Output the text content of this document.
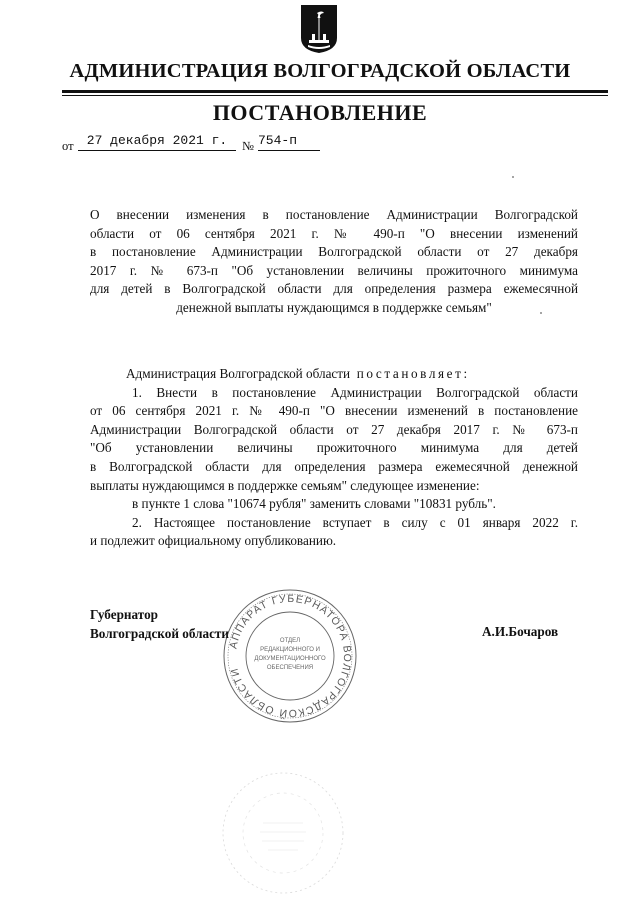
АДМИНИСТРАЦИЯ ВОЛГОГРАДСКОЙ ОБЛАСТИ
ПОСТАНОВЛЕНИЕ
от	27 декабря 2021 г.	№ 754-п
О внесении изменения в постановление Администрации Волгоградской
области от 06 сентября 2021 г. № 490-п "О внесении изменений
в постановление Администрации Волгоградской области от 27 декабря
2017 г. № 673-п "Об установлении величины прожиточного минимума
для детей в Волгоградской области для определения размера ежемесячной
денежной выплаты нуждающимся в поддержке семьям"
Администрация Волгоградской области постановляет:
1. Внести в постановление Администрации Волгоградской области
от 06 сентября 2021 г. № 490-п "О внесении изменений в постановление
Администрации Волгоградской области от 27 декабря 2017 г. № 673-п
"Об установлении величины прожиточного минимума для детей
в Волгоградской области для определения размера ежемесячной денежной
выплаты нуждающимся в поддержке семьям" следующее изменение:
в пункте 1 слова "10674 рубля" заменить словами "10831 рубль".
2. Настоящее постановление вступает в силу с 01 января 2022 г.
и подлежит официальному опубликованию.
Губернатор
Волгоградской области	А.И.Бочаров
АППАРАТ ГУБЕРНАТОРА ВОЛГОГРАДСКОЙ ОБЛАСТИ
ОТДЕЛ
РЕДАКЦИОННОГО И
ДОКУМЕНТАЦИОННОГО
ОБЕСПЕЧЕНИЯ
